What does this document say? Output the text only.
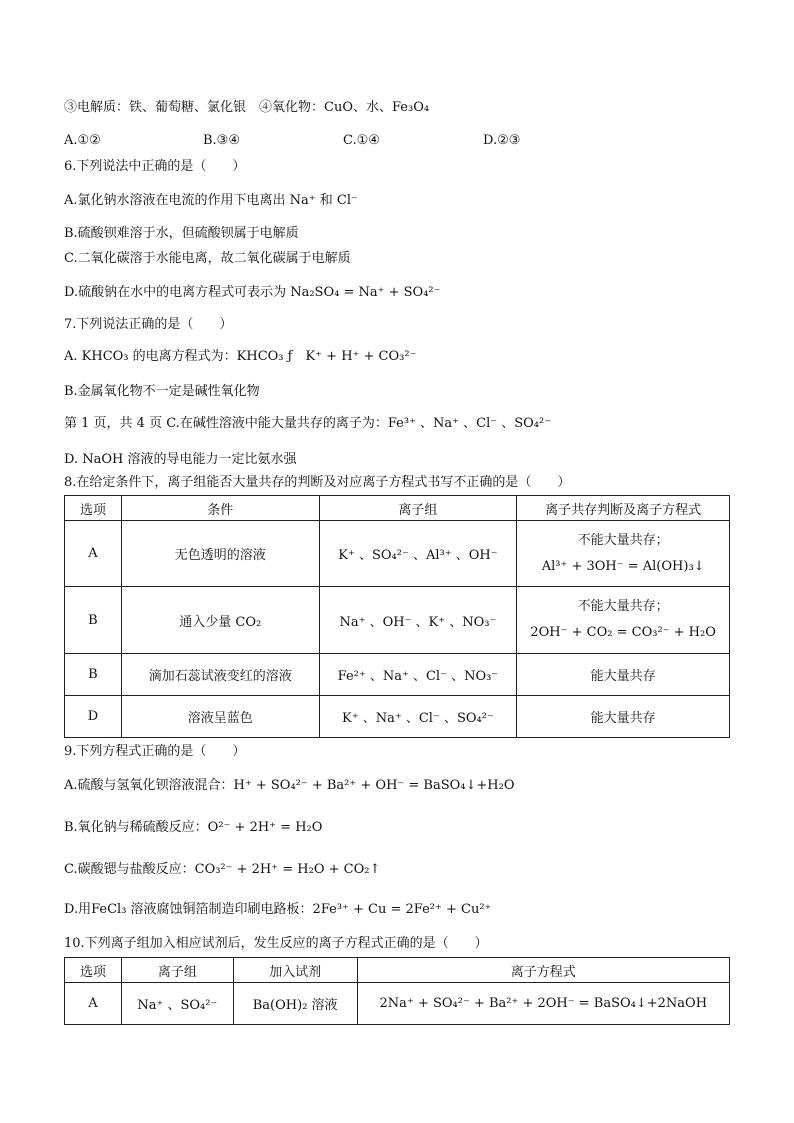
③电解质：铁、葡萄糖、氯化银　④氧化物：CuO、水、Fe₃O₄
A.①②	B.③④	C.①④	D.②③
6.下列说法中正确的是（　　）
A.氯化钠水溶液在电流的作用下电离出 Na⁺ 和 Cl⁻
B.硫酸钡难溶于水，但硫酸钡属于电解质
C.二氧化碳溶于水能电离，故二氧化碳属于电解质
D.硫酸钠在水中的电离方程式可表示为 Na₂SO₄ = Na⁺ + SO₄²⁻
7.下列说法正确的是（　　）
A. KHCO₃ 的电离方程式为：KHCO₃ ƒ　K⁺ + H⁺ + CO₃²⁻
B.金属氧化物不一定是碱性氧化物
第 1 页，共 4 页 C.在碱性溶液中能大量共存的离子为：Fe³⁺ 、Na⁺ 、Cl⁻ 、SO₄²⁻
D. NaOH 溶液的导电能力一定比氨水强
8.在给定条件下，离子组能否大量共存的判断及对应离子方程式书写不正确的是（　　）
选项	条件	离子组	离子共存判断及离子方程式
A	无色透明的溶液	K⁺ 、SO₄²⁻ 、Al³⁺ 、OH⁻	不能大量共存；
Al³⁺ + 3OH⁻ = Al(OH)₃↓

B	通入少量 CO₂	Na⁺ 、OH⁻ 、K⁺ 、NO₃⁻	不能大量共存；
2OH⁻ + CO₂ = CO₃²⁻ + H₂O

B	滴加石蕊试液变红的溶液	Fe²⁺ 、Na⁺ 、Cl⁻ 、NO₃⁻	能大量共存
D	溶液呈蓝色	K⁺ 、Na⁺ 、Cl⁻ 、SO₄²⁻	能大量共存
9.下列方程式正确的是（　　）
A.硫酸与氢氧化钡溶液混合：H⁺ + SO₄²⁻ + Ba²⁺ + OH⁻ = BaSO₄↓+H₂O
B.氧化钠与稀硫酸反应：O²⁻ + 2H⁺ = H₂O
C.碳酸锶与盐酸反应：CO₃²⁻ + 2H⁺ = H₂O + CO₂↑
D.用FeCl₃ 溶液腐蚀铜箔制造印刷电路板：2Fe³⁺ + Cu = 2Fe²⁺ + Cu²⁺
10.下列离子组加入相应试剂后，发生反应的离子方程式正确的是（　　）
选项	离子组	加入试剂	离子方程式
A	Na⁺ 、SO₄²⁻	Ba(OH)₂ 溶液	2Na⁺ + SO₄²⁻ + Ba²⁺ + 2OH⁻ = BaSO₄↓+2NaOH
